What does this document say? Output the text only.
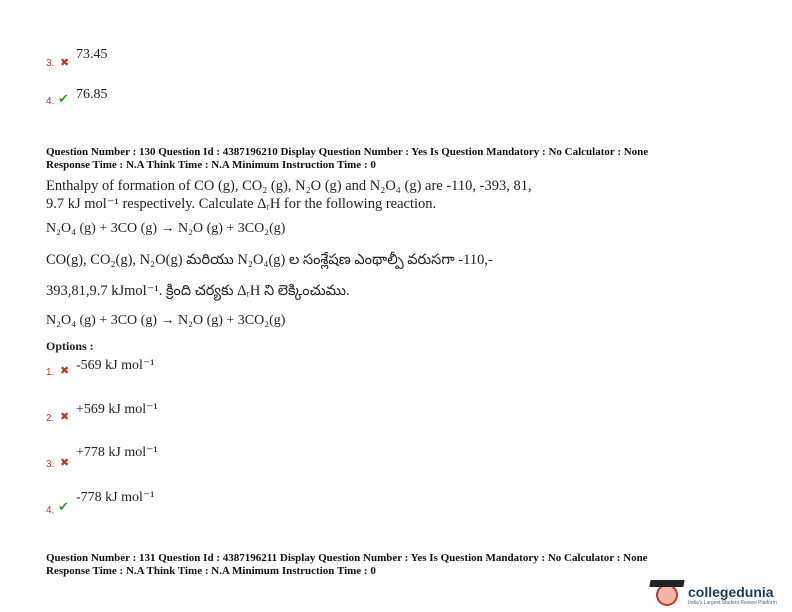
3. ✖
73.45
4. ✔ 76.85
Question Number : 130 Question Id : 4387196210 Display Question Number : Yes Is Question Mandatory : No Calculator : None
Response Time : N.A Think Time : N.A Minimum Instruction Time : 0
Enthalpy of formation of CO (g), CO₂ (g), N₂O (g) and N₂O₄ (g) are -110, -393, 81,
9.7 kJ mol⁻¹ respectively. Calculate ΔᵣH for the following reaction.
N₂O₄ (g) + 3CO (g) → N₂O (g) + 3CO₂(g)
CO(g), CO₂(g), N₂O(g) మరియు N₂O₄(g) ల సంశ్లేషణ ఎంథాల్పీ వరుసగా -110,-
393,81,9.7 kJmol⁻¹. క్రింది చర్యకు ΔᵣH ని లెక్కించుము.
N₂O₄ (g) + 3CO (g) → N₂O (g) + 3CO₂(g)
Options :
1. ✖ -569 kJ mol⁻¹
2. ✖ +569 kJ mol⁻¹
3. ✖
+778 kJ mol⁻¹
4. ✔
-778 kJ mol⁻¹
Question Number : 131 Question Id : 4387196211 Display Question Number : Yes Is Question Mandatory : No Calculator : None
Response Time : N.A Think Time : N.A Minimum Instruction Time : 0
collegedunia
India's Largest Student Review Platform
